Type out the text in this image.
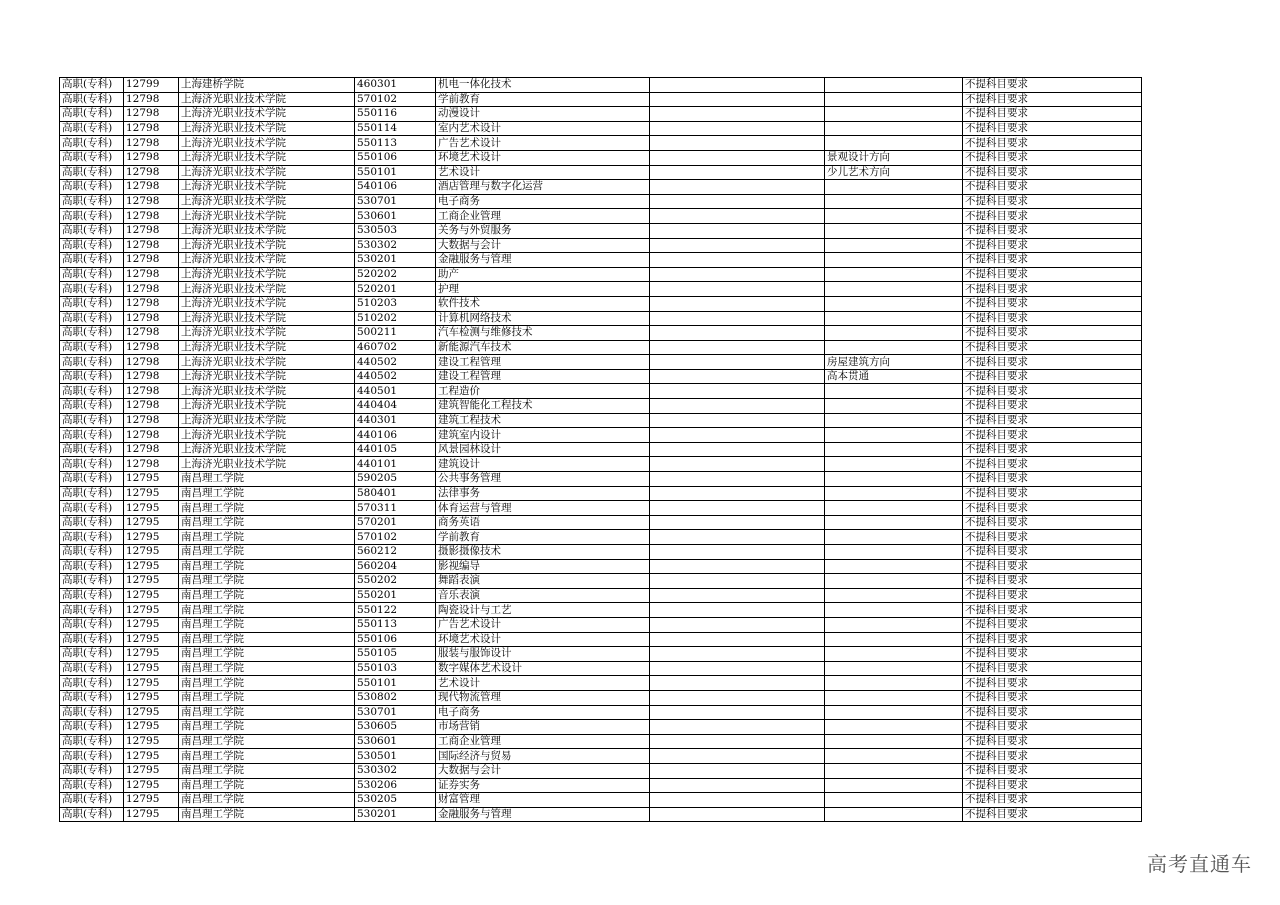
高职(专科)	12799	上海建桥学院	460301	机电一体化技术			不提科目要求
高职(专科)	12798	上海济光职业技术学院	570102	学前教育			不提科目要求
高职(专科)	12798	上海济光职业技术学院	550116	动漫设计			不提科目要求
高职(专科)	12798	上海济光职业技术学院	550114	室内艺术设计			不提科目要求
高职(专科)	12798	上海济光职业技术学院	550113	广告艺术设计			不提科目要求
高职(专科)	12798	上海济光职业技术学院	550106	环境艺术设计		景观设计方向	不提科目要求
高职(专科)	12798	上海济光职业技术学院	550101	艺术设计		少儿艺术方向	不提科目要求
高职(专科)	12798	上海济光职业技术学院	540106	酒店管理与数字化运营			不提科目要求
高职(专科)	12798	上海济光职业技术学院	530701	电子商务			不提科目要求
高职(专科)	12798	上海济光职业技术学院	530601	工商企业管理			不提科目要求
高职(专科)	12798	上海济光职业技术学院	530503	关务与外贸服务			不提科目要求
高职(专科)	12798	上海济光职业技术学院	530302	大数据与会计			不提科目要求
高职(专科)	12798	上海济光职业技术学院	530201	金融服务与管理			不提科目要求
高职(专科)	12798	上海济光职业技术学院	520202	助产			不提科目要求
高职(专科)	12798	上海济光职业技术学院	520201	护理			不提科目要求
高职(专科)	12798	上海济光职业技术学院	510203	软件技术			不提科目要求
高职(专科)	12798	上海济光职业技术学院	510202	计算机网络技术			不提科目要求
高职(专科)	12798	上海济光职业技术学院	500211	汽车检测与维修技术			不提科目要求
高职(专科)	12798	上海济光职业技术学院	460702	新能源汽车技术			不提科目要求
高职(专科)	12798	上海济光职业技术学院	440502	建设工程管理		房屋建筑方向	不提科目要求
高职(专科)	12798	上海济光职业技术学院	440502	建设工程管理		高本贯通	不提科目要求
高职(专科)	12798	上海济光职业技术学院	440501	工程造价			不提科目要求
高职(专科)	12798	上海济光职业技术学院	440404	建筑智能化工程技术			不提科目要求
高职(专科)	12798	上海济光职业技术学院	440301	建筑工程技术			不提科目要求
高职(专科)	12798	上海济光职业技术学院	440106	建筑室内设计			不提科目要求
高职(专科)	12798	上海济光职业技术学院	440105	风景园林设计			不提科目要求
高职(专科)	12798	上海济光职业技术学院	440101	建筑设计			不提科目要求
高职(专科)	12795	南昌理工学院	590205	公共事务管理			不提科目要求
高职(专科)	12795	南昌理工学院	580401	法律事务			不提科目要求
高职(专科)	12795	南昌理工学院	570311	体育运营与管理			不提科目要求
高职(专科)	12795	南昌理工学院	570201	商务英语			不提科目要求
高职(专科)	12795	南昌理工学院	570102	学前教育			不提科目要求
高职(专科)	12795	南昌理工学院	560212	摄影摄像技术			不提科目要求
高职(专科)	12795	南昌理工学院	560204	影视编导			不提科目要求
高职(专科)	12795	南昌理工学院	550202	舞蹈表演			不提科目要求
高职(专科)	12795	南昌理工学院	550201	音乐表演			不提科目要求
高职(专科)	12795	南昌理工学院	550122	陶瓷设计与工艺			不提科目要求
高职(专科)	12795	南昌理工学院	550113	广告艺术设计			不提科目要求
高职(专科)	12795	南昌理工学院	550106	环境艺术设计			不提科目要求
高职(专科)	12795	南昌理工学院	550105	服装与服饰设计			不提科目要求
高职(专科)	12795	南昌理工学院	550103	数字媒体艺术设计			不提科目要求
高职(专科)	12795	南昌理工学院	550101	艺术设计			不提科目要求
高职(专科)	12795	南昌理工学院	530802	现代物流管理			不提科目要求
高职(专科)	12795	南昌理工学院	530701	电子商务			不提科目要求
高职(专科)	12795	南昌理工学院	530605	市场营销			不提科目要求
高职(专科)	12795	南昌理工学院	530601	工商企业管理			不提科目要求
高职(专科)	12795	南昌理工学院	530501	国际经济与贸易			不提科目要求
高职(专科)	12795	南昌理工学院	530302	大数据与会计			不提科目要求
高职(专科)	12795	南昌理工学院	530206	证券实务			不提科目要求
高职(专科)	12795	南昌理工学院	530205	财富管理			不提科目要求
高职(专科)	12795	南昌理工学院	530201	金融服务与管理			不提科目要求
高考直通车
